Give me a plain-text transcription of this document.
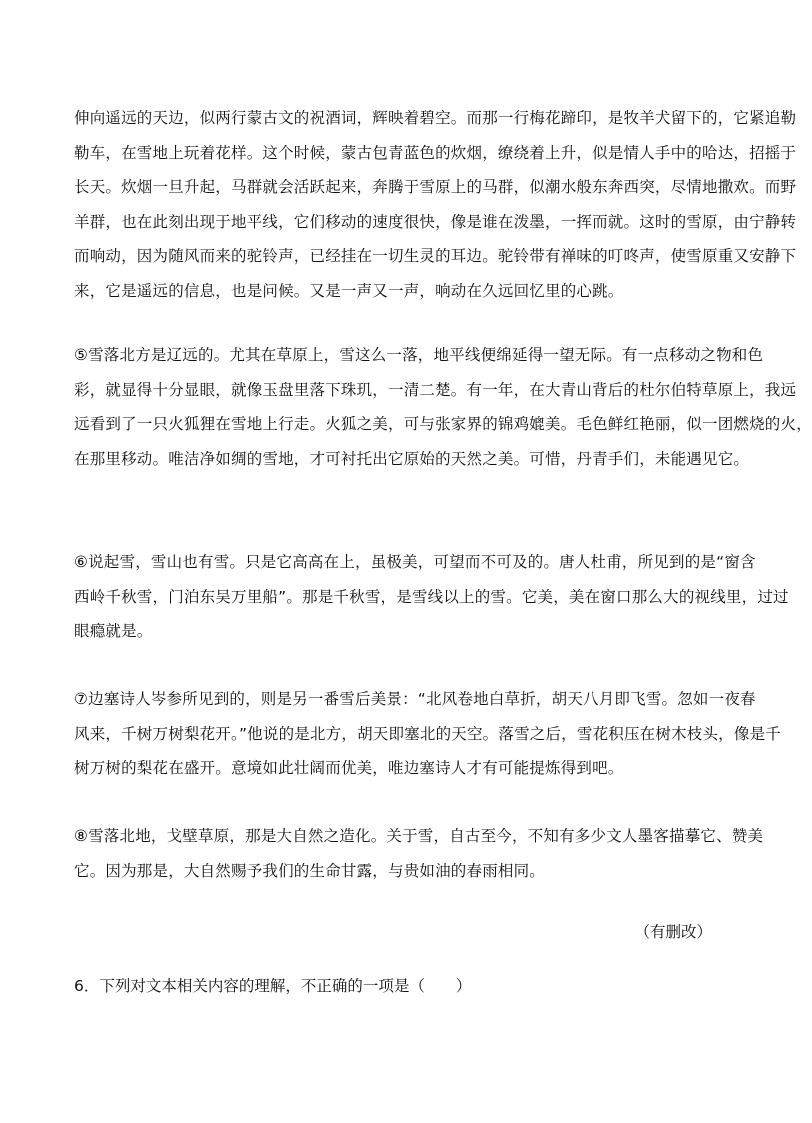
伸向遥远的天边，似两行蒙古文的祝酒词，辉映着碧空。而那一行梅花蹄印，是牧羊犬留下的，它紧追勒
勒车，在雪地上玩着花样。这个时候，蒙古包青蓝色的炊烟，缭绕着上升，似是情人手中的哈达，招摇于
长天。炊烟一旦升起，马群就会活跃起来，奔腾于雪原上的马群，似潮水般东奔西突，尽情地撒欢。而野
羊群，也在此刻出现于地平线，它们移动的速度很快，像是谁在泼墨，一挥而就。这时的雪原，由宁静转
而响动，因为随风而来的驼铃声，已经挂在一切生灵的耳边。驼铃带有禅味的叮咚声，使雪原重又安静下
来，它是遥远的信息，也是问候。又是一声又一声，响动在久远回忆里的心跳。
⑤雪落北方是辽远的。尤其在草原上，雪这么一落，地平线便绵延得一望无际。有一点移动之物和色
彩，就显得十分显眼，就像玉盘里落下珠玑，一清二楚。有一年，在大青山背后的杜尔伯特草原上，我远
远看到了一只火狐狸在雪地上行走。火狐之美，可与张家界的锦鸡媲美。毛色鲜红艳丽，似一团燃烧的火，
在那里移动。唯洁净如绸的雪地，才可衬托出它原始的天然之美。可惜，丹青手们，未能遇见它。
⑥说起雪，雪山也有雪。只是它高高在上，虽极美，可望而不可及的。唐人杜甫，所见到的是“窗含
西岭千秋雪，门泊东吴万里船”。那是千秋雪，是雪线以上的雪。它美，美在窗口那么大的视线里，过过
眼瘾就是。
⑦边塞诗人岑参所见到的，则是另一番雪后美景：“北风卷地白草折，胡天八月即飞雪。忽如一夜春
风来，千树万树梨花开。”他说的是北方，胡天即塞北的天空。落雪之后，雪花积压在树木枝头，像是千
树万树的梨花在盛开。意境如此壮阔而优美，唯边塞诗人才有可能提炼得到吧。
⑧雪落北地，戈壁草原，那是大自然之造化。关于雪，自古至今，不知有多少文人墨客描摹它、赞美
它。因为那是，大自然赐予我们的生命甘露，与贵如油的春雨相同。

（有删改）

6．下列对文本相关内容的理解，不正确的一项是（　　）
